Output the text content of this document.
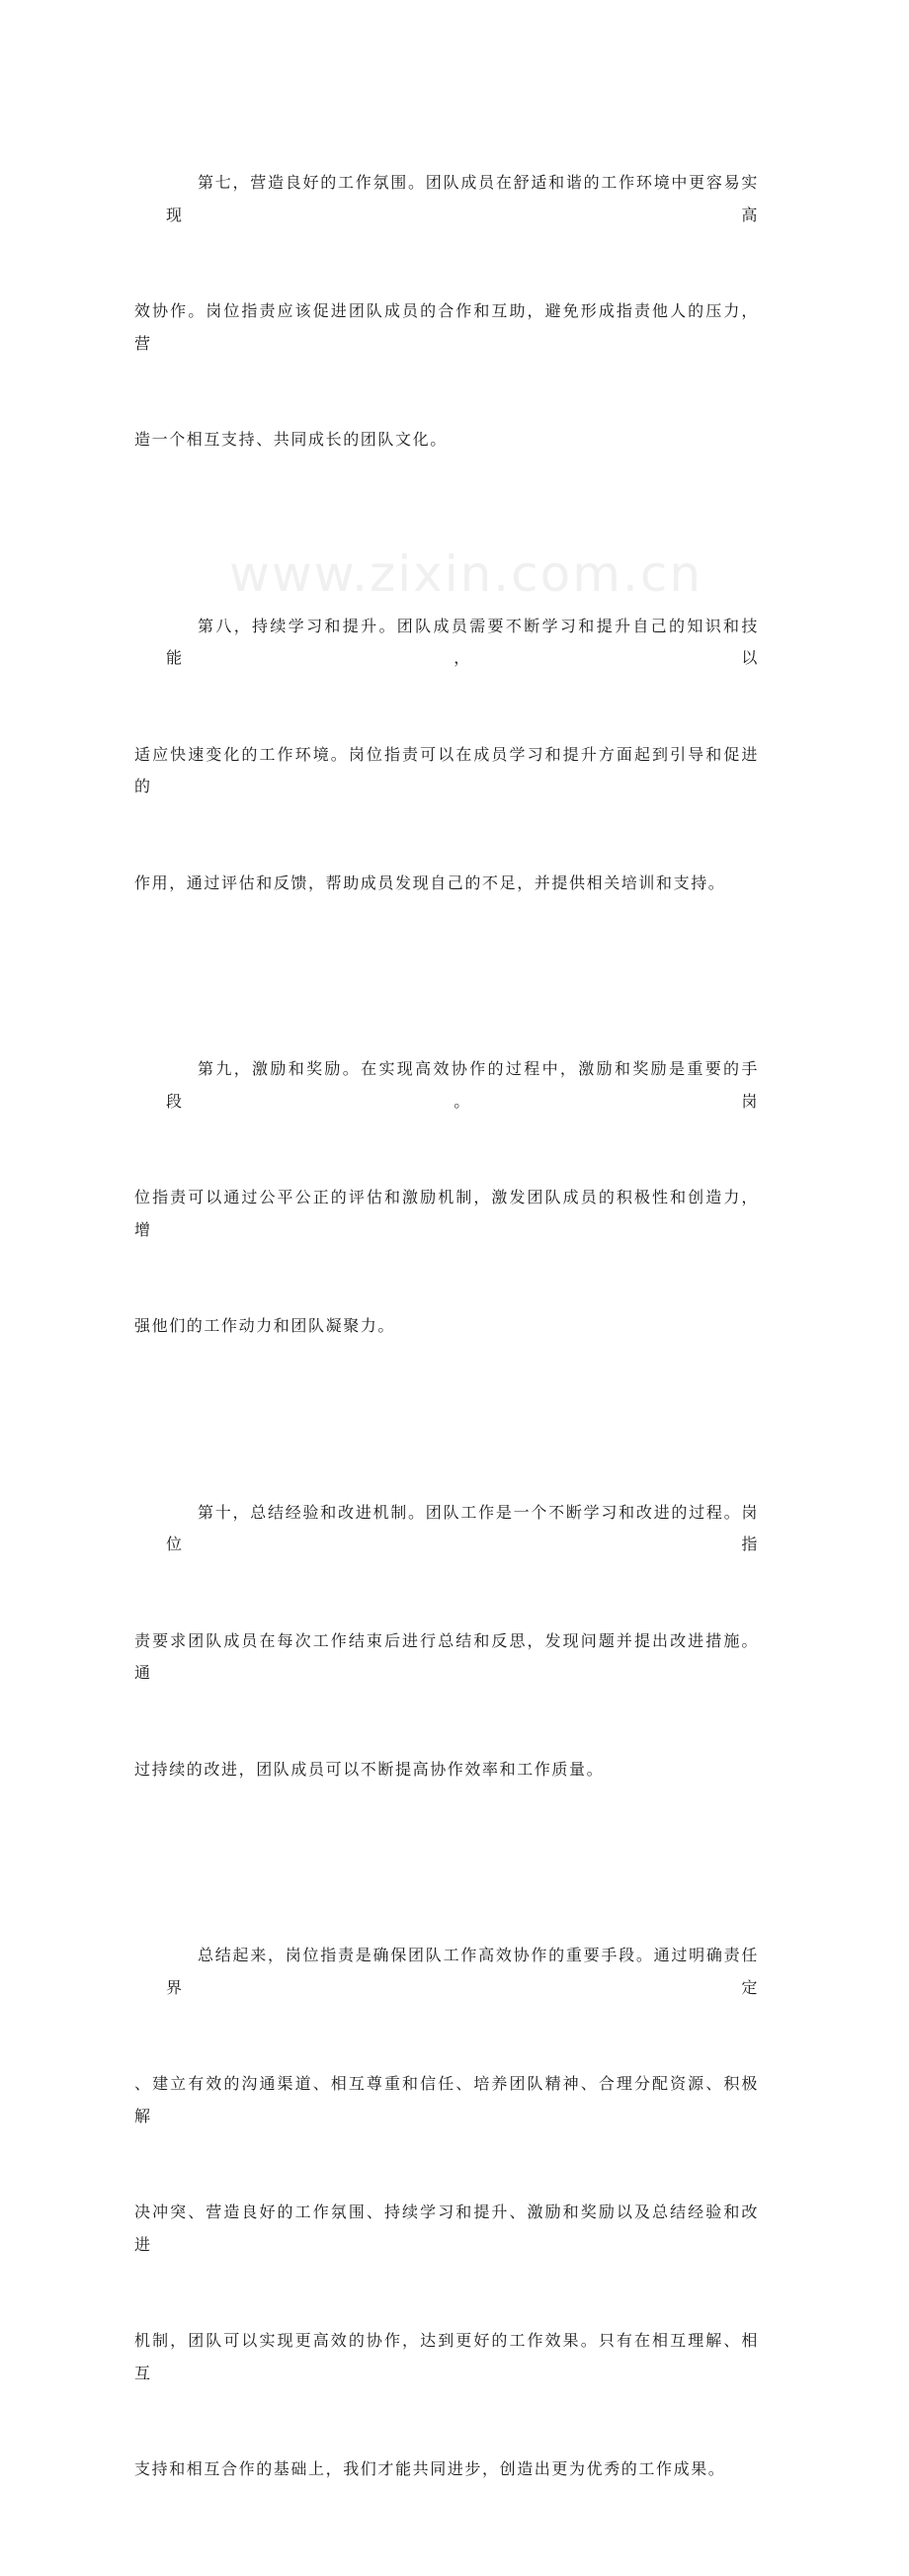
第七，营造良好的工作氛围。团队成员在舒适和谐的工作环境中更容易实现高

效协作。岗位指责应该促进团队成员的合作和互助，避免形成指责他人的压力，营

造一个相互支持、共同成长的团队文化。

第八，持续学习和提升。团队成员需要不断学习和提升自己的知识和技能，以

适应快速变化的工作环境。岗位指责可以在成员学习和提升方面起到引导和促进的

作用，通过评估和反馈，帮助成员发现自己的不足，并提供相关培训和支持。

第九，激励和奖励。在实现高效协作的过程中，激励和奖励是重要的手段。岗

位指责可以通过公平公正的评估和激励机制，激发团队成员的积极性和创造力，增

强他们的工作动力和团队凝聚力。

第十，总结经验和改进机制。团队工作是一个不断学习和改进的过程。岗位指

责要求团队成员在每次工作结束后进行总结和反思，发现问题并提出改进措施。通

过持续的改进，团队成员可以不断提高协作效率和工作质量。

总结起来，岗位指责是确保团队工作高效协作的重要手段。通过明确责任界定

、建立有效的沟通渠道、相互尊重和信任、培养团队精神、合理分配资源、积极解

决冲突、营造良好的工作氛围、持续学习和提升、激励和奖励以及总结经验和改进

机制，团队可以实现更高效的协作，达到更好的工作效果。只有在相互理解、相互

支持和相互合作的基础上，我们才能共同进步，创造出更为优秀的工作成果。

www.zixin.com.cn
